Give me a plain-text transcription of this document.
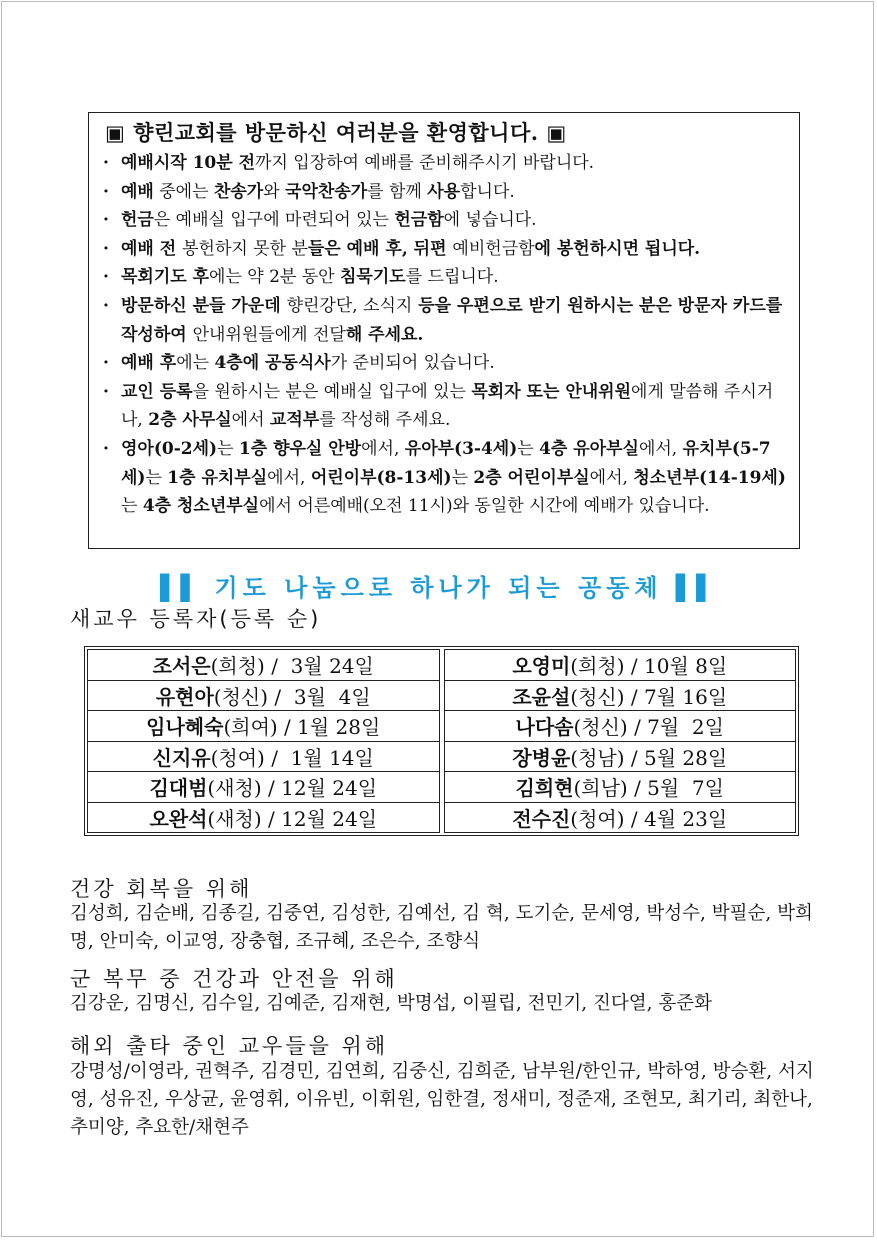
▣ 향린교회를 방문하신 여러분을 환영합니다. ▣
· 예배시작 10분 전까지 입장하여 예배를 준비해주시기 바랍니다.
· 예배 중에는 찬송가와 국악찬송가를 함께 사용합니다.
· 헌금은 예배실 입구에 마련되어 있는 헌금함에 넣습니다.
· 예배 전 봉헌하지 못한 분들은 예배 후, 뒤편 예비헌금함에 봉헌하시면 됩니다.
· 목회기도 후에는 약 2분 동안 침묵기도를 드립니다.
· 방문하신 분들 가운데 향린강단, 소식지 등을 우편으로 받기 원하시는 분은 방문자 카드를 작성하여 안내위원들에게 전달해 주세요.
· 예배 후에는 4층에 공동식사가 준비되어 있습니다.
· 교인 등록을 원하시는 분은 예배실 입구에 있는 목회자 또는 안내위원에게 말씀해 주시거나, 2층 사무실에서 교적부를 작성해 주세요.
· 영아(0-2세)는 1층 향우실 안방에서, 유아부(3-4세)는 4층 유아부실에서, 유치부(5-7세)는 1층 유치부실에서, 어린이부(8-13세)는 2층 어린이부실에서, 청소년부(14-19세)는 4층 청소년부실에서 어른예배(오전 11시)와 동일한 시간에 예배가 있습니다.
▌▌ 기도 나눔으로 하나가 되는 공동체 ▌▌
새교우 등록자(등록 순)
조서은 (희청) /  3월 24일
유현아 (청신) /  3월  4일
임나혜숙 (희여) / 1월 28일
신지유 (청여) /  1월 14일
김대범 (새청) / 12월 24일
오완석 (새청) / 12월 24일
오영미 (희청) / 10월 8일
조윤설 (청신) / 7월 16일
나다솜 (청신) / 7월  2일
장병윤 (청남) / 5월 28일
김희현 (희남) / 5월  7일
전수진 (청여) / 4월 23일
건강 회복을 위해
김성희, 김순배, 김종길, 김중연, 김성한, 김예선, 김 혁, 도기순, 문세영, 박성수, 박필순, 박희명, 안미숙, 이교영, 장충협, 조규혜, 조은수, 조향식
군 복무 중 건강과 안전을 위해
김강운, 김명신, 김수일, 김예준, 김재현, 박명섭, 이필립, 전민기, 진다열, 홍준화
해외 출타 중인 교우들을 위해
강명성/이영라, 권혁주, 김경민, 김연희, 김중신, 김희준, 남부원/한인규, 박하영, 방승환, 서지영, 성유진, 우상균, 윤영휘, 이유빈, 이휘원, 임한결, 정새미, 정준재, 조현모, 최기리, 최한나, 추미양, 추요한/채현주
